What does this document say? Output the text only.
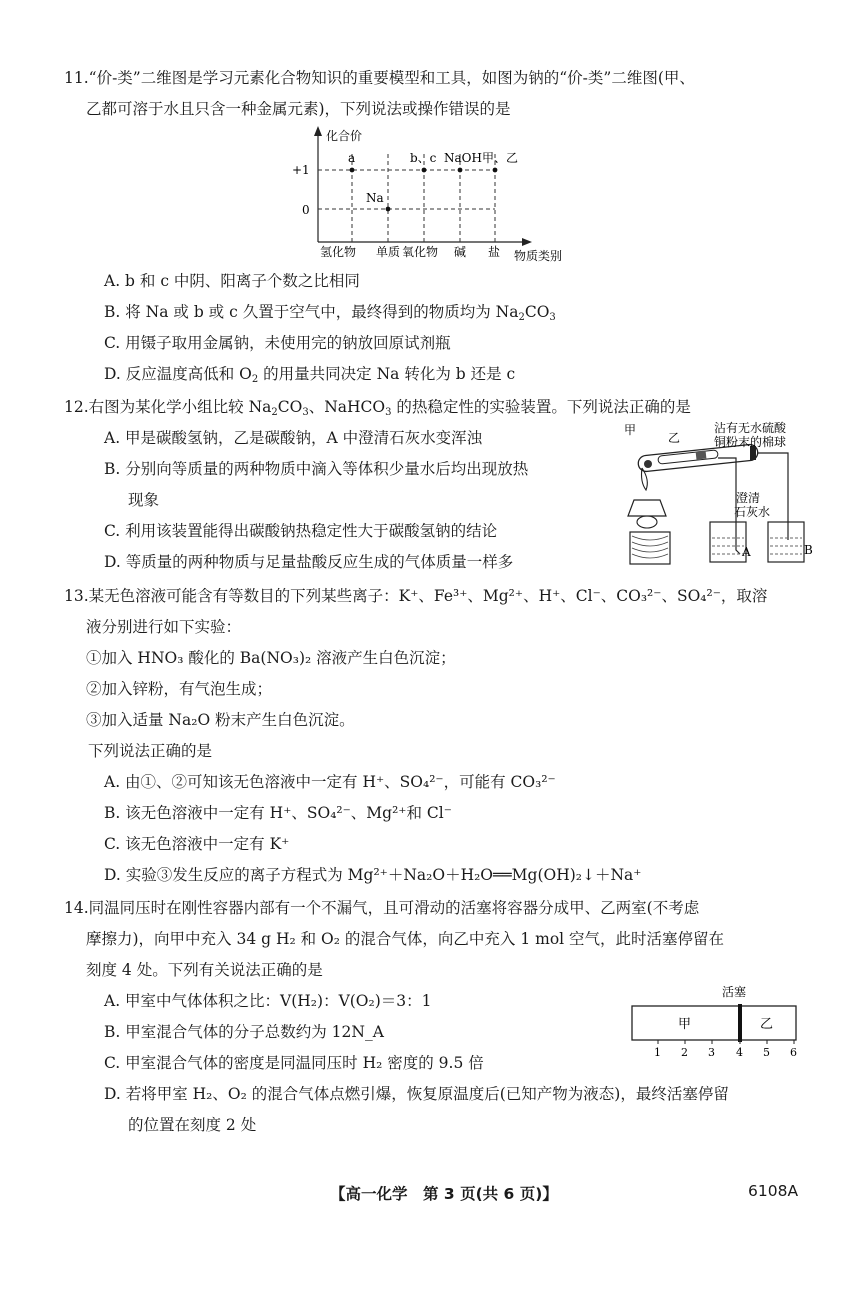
11.“价-类”二维图是学习元素化合物知识的重要模型和工具，如图为钠的“价-类”二维图(甲、
乙都可溶于水且只含一种金属元素)，下列说法或操作错误的是
化合价
+1
0
a	b、c NaOH 甲、乙
Na
氢化物 单质 氧化物 碱 盐 物质类别
A. b 和 c 中阴、阳离子个数之比相同
B. 将 Na 或 b 或 c 久置于空气中，最终得到的物质均为 $Na_2CO_3$
C. 用镊子取用金属钠，未使用完的钠放回原试剂瓶
D. 反应温度高低和 $O_2$ 的用量共同决定 Na 转化为 b 还是 c
12.右图为某化学小组比较 $Na_2CO_3$、NaHCO$_3$ 的热稳定性的实验装置。下列说法正确的是
A. 甲是碳酸氢钠，乙是碳酸钠，A 中澄清石灰水变浑浊
B. 分别向等质量的两种物质中滴入等体积少量水后均出现放热
现象
C. 利用该装置能得出碳酸钠热稳定性大于碳酸氢钠的结论
D. 等质量的两种物质与足量盐酸反应生成的气体质量一样多
甲
乙
沾有无水硫酸
铜粉末的棉球
澄清
石灰水
A	B
13.某无色溶液可能含有等数目的下列某些离子：K⁺、Fe³⁺、Mg²⁺、H⁺、Cl⁻、CO₃²⁻、SO₄²⁻，取溶
液分别进行如下实验：
①加入 HNO₃ 酸化的 Ba(NO₃)₂ 溶液产生白色沉淀；
②加入锌粉，有气泡生成；
③加入适量 Na₂O 粉末产生白色沉淀。
下列说法正确的是
A. 由①、②可知该无色溶液中一定有 H⁺、SO₄²⁻，可能有 CO₃²⁻
B. 该无色溶液中一定有 H⁺、SO₄²⁻、Mg²⁺和 Cl⁻
C. 该无色溶液中一定有 K⁺
D. 实验③发生反应的离子方程式为 Mg²⁺＋Na₂O＋H₂O══Mg(OH)₂↓＋Na⁺
14.同温同压时在刚性容器内部有一个不漏气，且可滑动的活塞将容器分成甲、乙两室(不考虑
摩擦力)，向甲中充入 34 g H₂ 和 O₂ 的混合气体，向乙中充入 1 mol 空气，此时活塞停留在
刻度 4 处。下列有关说法正确的是
A. 甲室中气体体积之比：V(H₂)：V(O₂)＝3：1
B. 甲室混合气体的分子总数约为 12N_A
C. 甲室混合气体的密度是同温同压时 H₂ 密度的 9.5 倍
D. 若将甲室 H₂、O₂ 的混合气体点燃引爆，恢复原温度后(已知产物为液态)，最终活塞停留
的位置在刻度 2 处
活塞
甲	乙
1 2 3 4 5 6
【高一化学　第 3 页(共 6 页)】	6108A
